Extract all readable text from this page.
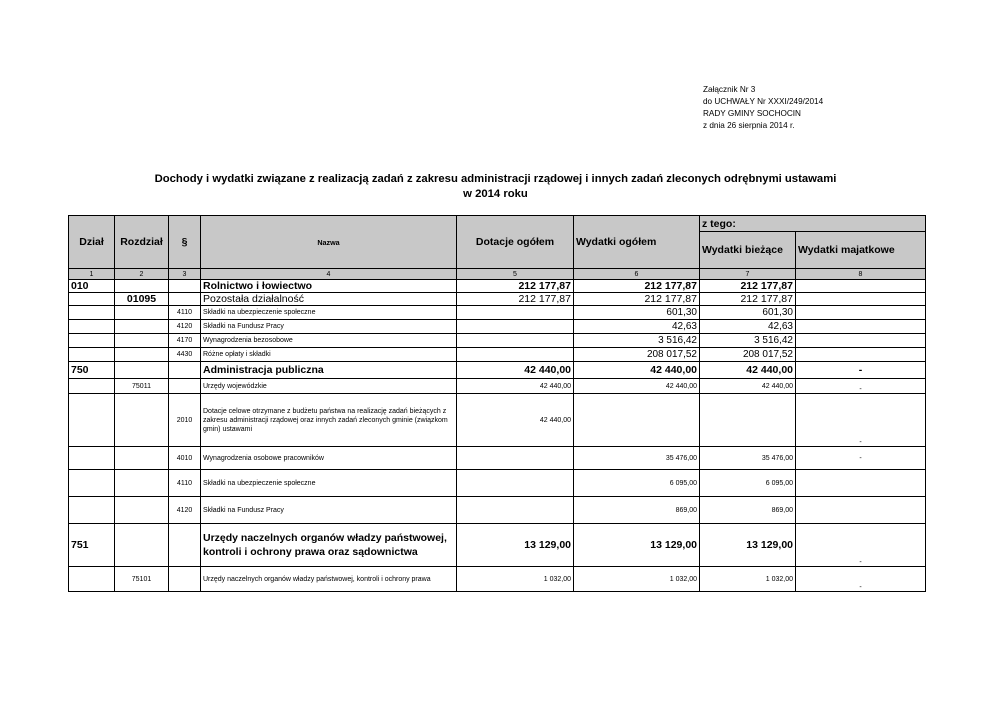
Załącznik Nr 3
do UCHWAŁY Nr XXXI/249/2014
RADY GMINY SOCHOCIN
z dnia 26 sierpnia 2014 r.
Dochody i wydatki związane z realizacją zadań z zakresu administracji rządowej i innych zadań zleconych odrębnymi ustawami
w 2014 roku
Dział	Rozdział	§	Nazwa	Dotacje ogółem	Wydatki ogółem	z tego:	
						Wydatki bieżące	Wydatki majatkowe
1	2	3	4	5	6	7	8
010			Rolnictwo i łowiectwo	212 177,87	212 177,87	212 177,87	
	01095		Pozostała działalność	212 177,87	212 177,87	212 177,87	
		4110	Składki na ubezpieczenie społeczne		601,30	601,30	
		4120	Składki na Fundusz Pracy		42,63	42,63	
		4170	Wynagrodzenia bezosobowe		3 516,42	3 516,42	
		4430	Różne opłaty i składki		208 017,52	208 017,52	
750			Administracja publiczna	42 440,00	42 440,00	42 440,00	-
	75011		Urzędy wojewódzkie	42 440,00	42 440,00	42 440,00	-
		2010	Dotacje celowe otrzymane z budżetu państwa na realizację zadań bieżących z zakresu administracji rządowej oraz innych zadań zleconych gminie (związkom gmin) ustawami	42 440,00			-
		4010	Wynagrodzenia osobowe pracowników		35 476,00	35 476,00	-
		4110	Składki na ubezpieczenie społeczne		6 095,00	6 095,00	
		4120	Składki na Fundusz Pracy		869,00	869,00	
751			Urzędy naczelnych organów władzy państwowej, kontroli i ochrony prawa oraz sądownictwa	13 129,00	13 129,00	13 129,00	-
	75101		Urzędy naczelnych organów władzy państwowej, kontroli i ochrony prawa	1 032,00	1 032,00	1 032,00	-
